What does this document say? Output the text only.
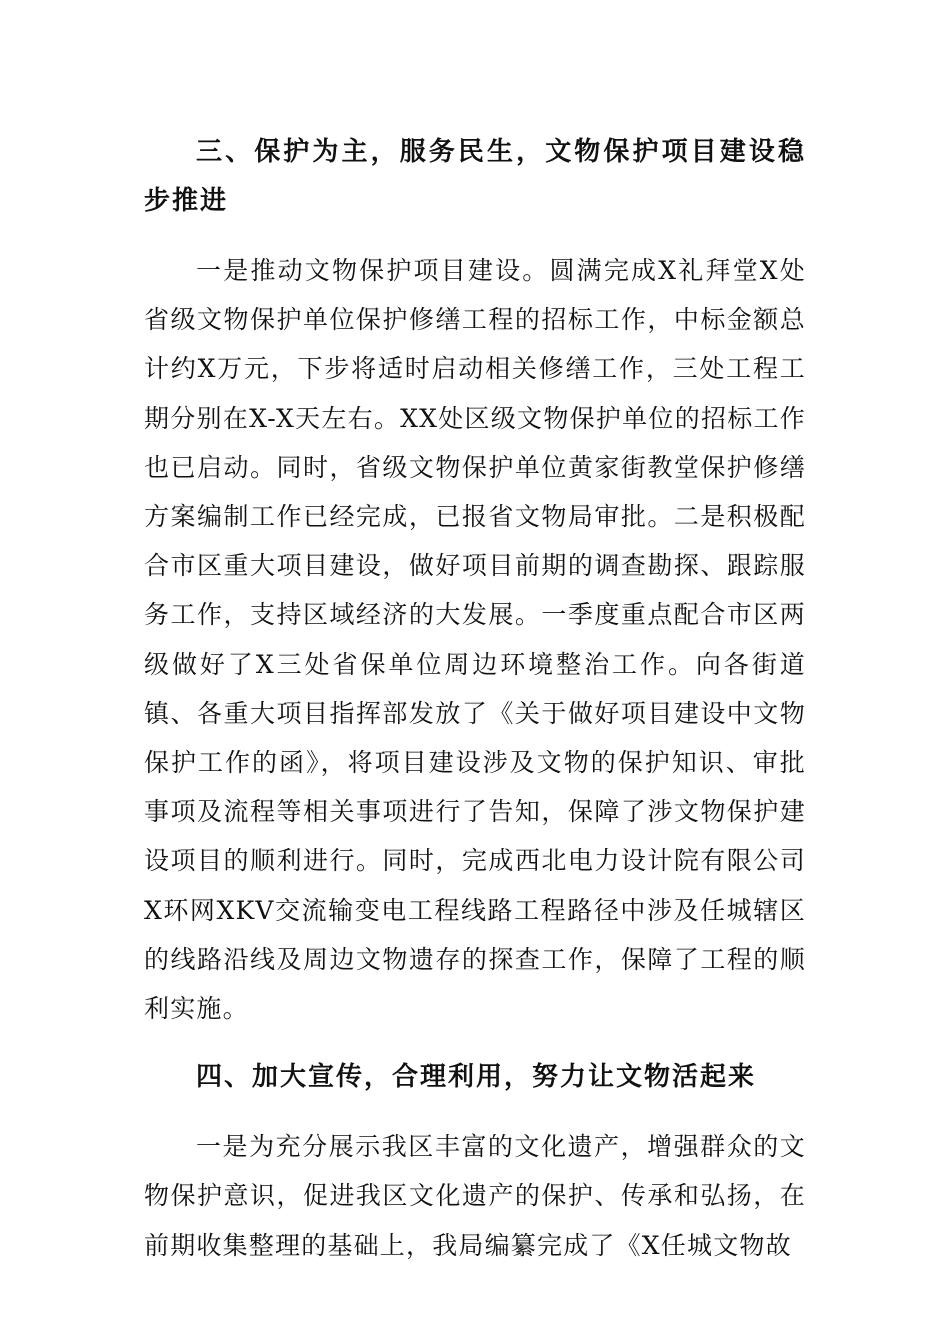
三、保护为主，服务民生，文物保护项目建设稳步推进

一是推动文物保护项目建设。圆满完成X礼拜堂X处省级文物保护单位保护修缮工程的招标工作，中标金额总计约X万元，下步将适时启动相关修缮工作，三处工程工期分别在X-X天左右。XX处区级文物保护单位的招标工作也已启动。同时，省级文物保护单位黄家街教堂保护修缮方案编制工作已经完成，已报省文物局审批。二是积极配合市区重大项目建设，做好项目前期的调查勘探、跟踪服务工作，支持区域经济的大发展。一季度重点配合市区两级做好了X三处省保单位周边环境整治工作。向各街道镇、各重大项目指挥部发放了《关于做好项目建设中文物保护工作的函》，将项目建设涉及文物的保护知识、审批事项及流程等相关事项进行了告知，保障了涉文物保护建设项目的顺利进行。同时，完成西北电力设计院有限公司X环网XKV交流输变电工程线路工程路径中涉及任城辖区的线路沿线及周边文物遗存的探查工作，保障了工程的顺利实施。

四、加大宣传，合理利用，努力让文物活起来

一是为充分展示我区丰富的文化遗产，增强群众的文物保护意识，促进我区文化遗产的保护、传承和弘扬，在前期收集整理的基础上，我局编纂完成了《X任城文物故
